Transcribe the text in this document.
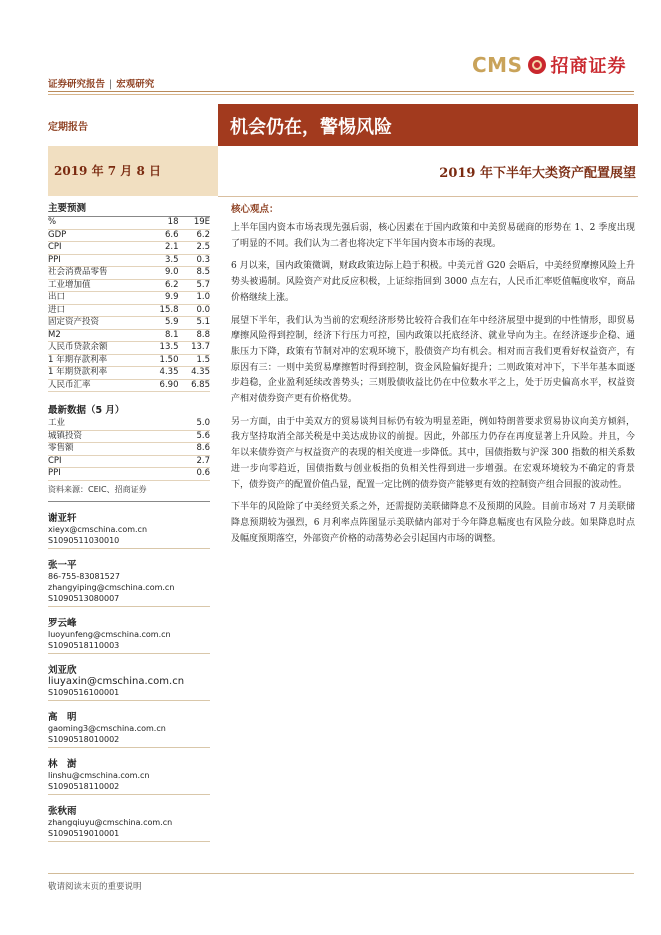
证券研究报告 | 宏观研究
CMS 招商证券
定期报告	机会仍在，警惕风险
2019 年 7 月 8 日	2019 年下半年大类资产配置展望
主要预测
%	18	19E
GDP	6.6	6.2
CPI	2.1	2.5
PPI	3.5	0.3
社会消费品零售	9.0	8.5
工业增加值	6.2	5.7
出口	9.9	1.0
进口	15.8	0.0
固定资产投资	5.9	5.1
M2	8.1	8.8
人民币贷款余额	13.5	13.7
1 年期存款利率	1.50	1.5
1 年期贷款利率	4.35	4.35
人民币汇率	6.90	6.85
最新数据（5 月）
工业	5.0
城镇投资	5.6
零售额	8.6
CPI	2.7
PPI	0.6
资料来源：CEIC、招商证券
谢亚轩
xieyx@cmschina.com.cn
S1090511030010
张一平
86-755-83081527
zhangyiping@cmschina.com.cn
S1090513080007
罗云峰
luoyunfeng@cmschina.com.cn
S1090518110003
刘亚欣
liuyaxin@cmschina.com.cn
S1090516100001
高　明
gaoming3@cmschina.com.cn
S1090518010002
林　澍
linshu@cmschina.com.cn
S1090518110002
张秋雨
zhangqiuyu@cmschina.com.cn
S1090519010001
核心观点：

上半年国内资本市场表现先强后弱，核心因素在于国内政策和中美贸易磋商的形势在 1、2 季度出现了明显的不同。我们认为二者也将决定下半年国内资本市场的表现。

6 月以来，国内政策微调，财政政策边际上趋于积极。中美元首 G20 会晤后，中美经贸摩擦风险上升势头被遏制。风险资产对此反应积极，上证综指回到 3000 点左右，人民币汇率贬值幅度收窄，商品价格继续上涨。

展望下半年，我们认为当前的宏观经济形势比较符合我们在年中经济展望中提到的中性情形，即贸易摩擦风险得到控制，经济下行压力可控，国内政策以托底经济、就业导向为主。在经济逐步企稳、通胀压力下降，政策有节制对冲的宏观环境下，股债资产均有机会。相对而言我们更看好权益资产，有原因有三：一则中美贸易摩擦暂时得到控制，资金风险偏好提升；二则政策对冲下，下半年基本面逐步趋稳，企业盈利延续改善势头；三则股债收益比仍在中位数水平之上，处于历史偏高水平，权益资产相对债券资产更有价格优势。

另一方面，由于中美双方的贸易谈判目标仍有较为明显差距，例如特朗普要求贸易协议向美方倾斜，我方坚持取消全部关税是中美达成协议的前提。因此，外部压力仍存在再度显著上升风险。并且，今年以来债券资产与权益资产的表现的相关度进一步降低。其中，国债指数与沪深 300 指数的相关系数进一步向零趋近，国债指数与创业板指的负相关性得到进一步增强。在宏观环境较为不确定的背景下，债券资产的配置价值凸显，配置一定比例的债券资产能够更有效的控制资产组合回报的波动性。

下半年的风险除了中美经贸关系之外，还需提防美联储降息不及预期的风险。目前市场对 7 月美联储降息预期较为强烈，6 月利率点阵图显示美联储内部对于今年降息幅度也有风险分歧。如果降息时点及幅度预期落空，外部资产价格的动荡势必会引起国内市场的调整。

敬请阅读末页的重要说明
